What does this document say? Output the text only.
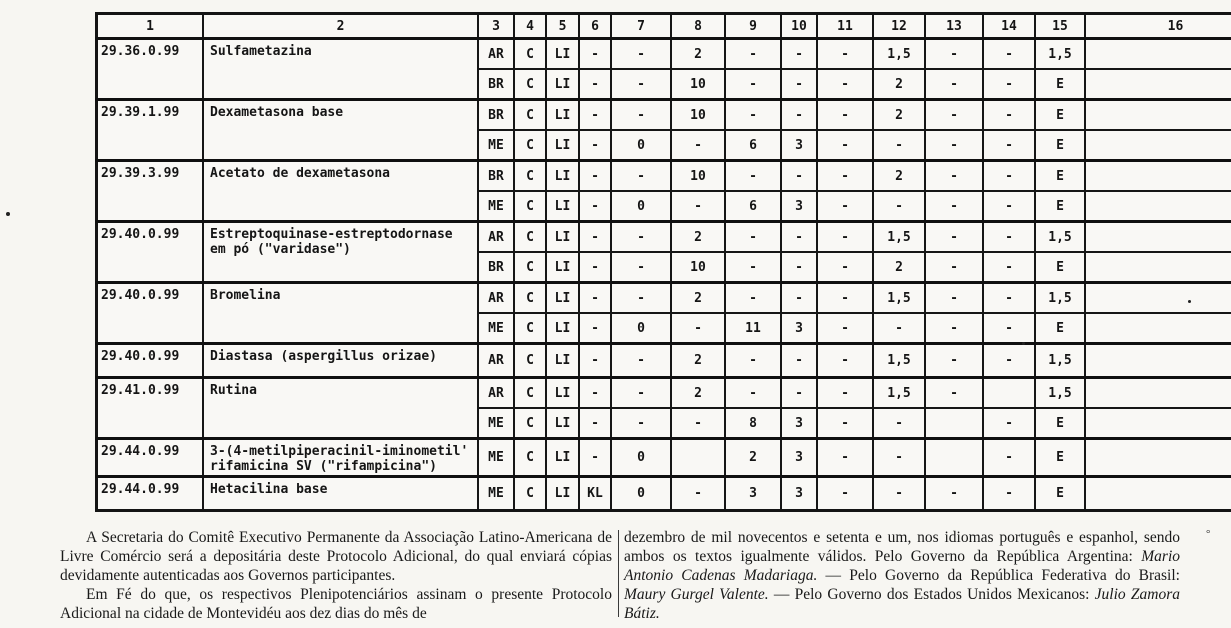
1	2	3	4	5	6	7	8	9	10	11	12	13	14	15	16
29.36.0.99	Sulfametazina	AR	C	LI	-	-	2	-	-	-	1,5	-	-	1,5	
		BR	C	LI	-	-	10	-	-	-	2	-	-	E	
29.39.1.99	Dexametasona base	BR	C	LI	-	-	10	-	-	-	2	-	-	E	
		ME	C	LI	-	0	-	6	3	-	-	-	-	E	
29.39.3.99	Acetato de dexametasona	BR	C	LI	-	-	10	-	-	-	2	-	-	E	
		ME	C	LI	-	0	-	6	3	-	-	-	-	E	
29.40.0.99	Estreptoquinase-estreptodornase em pó ("varidase")	AR	C	LI	-	-	2	-	-	-	1,5	-	-	1,5	
		BR	C	LI	-	-	10	-	-	-	2	-	-	E	
29.40.0.99	Bromelina	AR	C	LI	-	-	2	-	-	-	1,5	-	-	1,5	
		ME	C	LI	-	0	-	11	3	-	-	-	-	E	
29.40.0.99	Diastasa (aspergillus orizae)	AR	C	LI	-	-	2	-	-	-	1,5	-	-	1,5	
29.41.0.99	Rutina	AR	C	LI	-	-	2	-	-	-	1,5	-		1,5	
		ME	C	LI	-	-	-	8	3	-	-		-	E	
29.44.0.99	3-(4-metilpiperacinil-iminometil' rifamicina SV ("rifampicina")	ME	C	LI	-	0		2	3	-	-		-	E	
29.44.0.99	Hetacilina base	ME	C	LI	KL	0	-	3	3	-	-	-	-	E	

A Secretaria do Comitê Executivo Permanente da Associação Latino-Americana de Livre Comércio será a depositária deste Protocolo Adicional, do qual enviará cópias devidamente autenticadas aos Governos participantes.

Em Fé do que, os respectivos Plenipotenciários assinam o presente Protocolo Adicional na cidade de Montevidéu aos dez dias do mês de

dezembro de mil novecentos e setenta e um, nos idiomas português e espanhol, sendo ambos os textos igualmente válidos. Pelo Governo da República Argentina: Mario Antonio Cadenas Madariaga. — Pelo Governo da República Federativa do Brasil: Maury Gurgel Valente. — Pelo Governo dos Estados Unidos Mexicanos: Julio Zamora Bátiz.

°
